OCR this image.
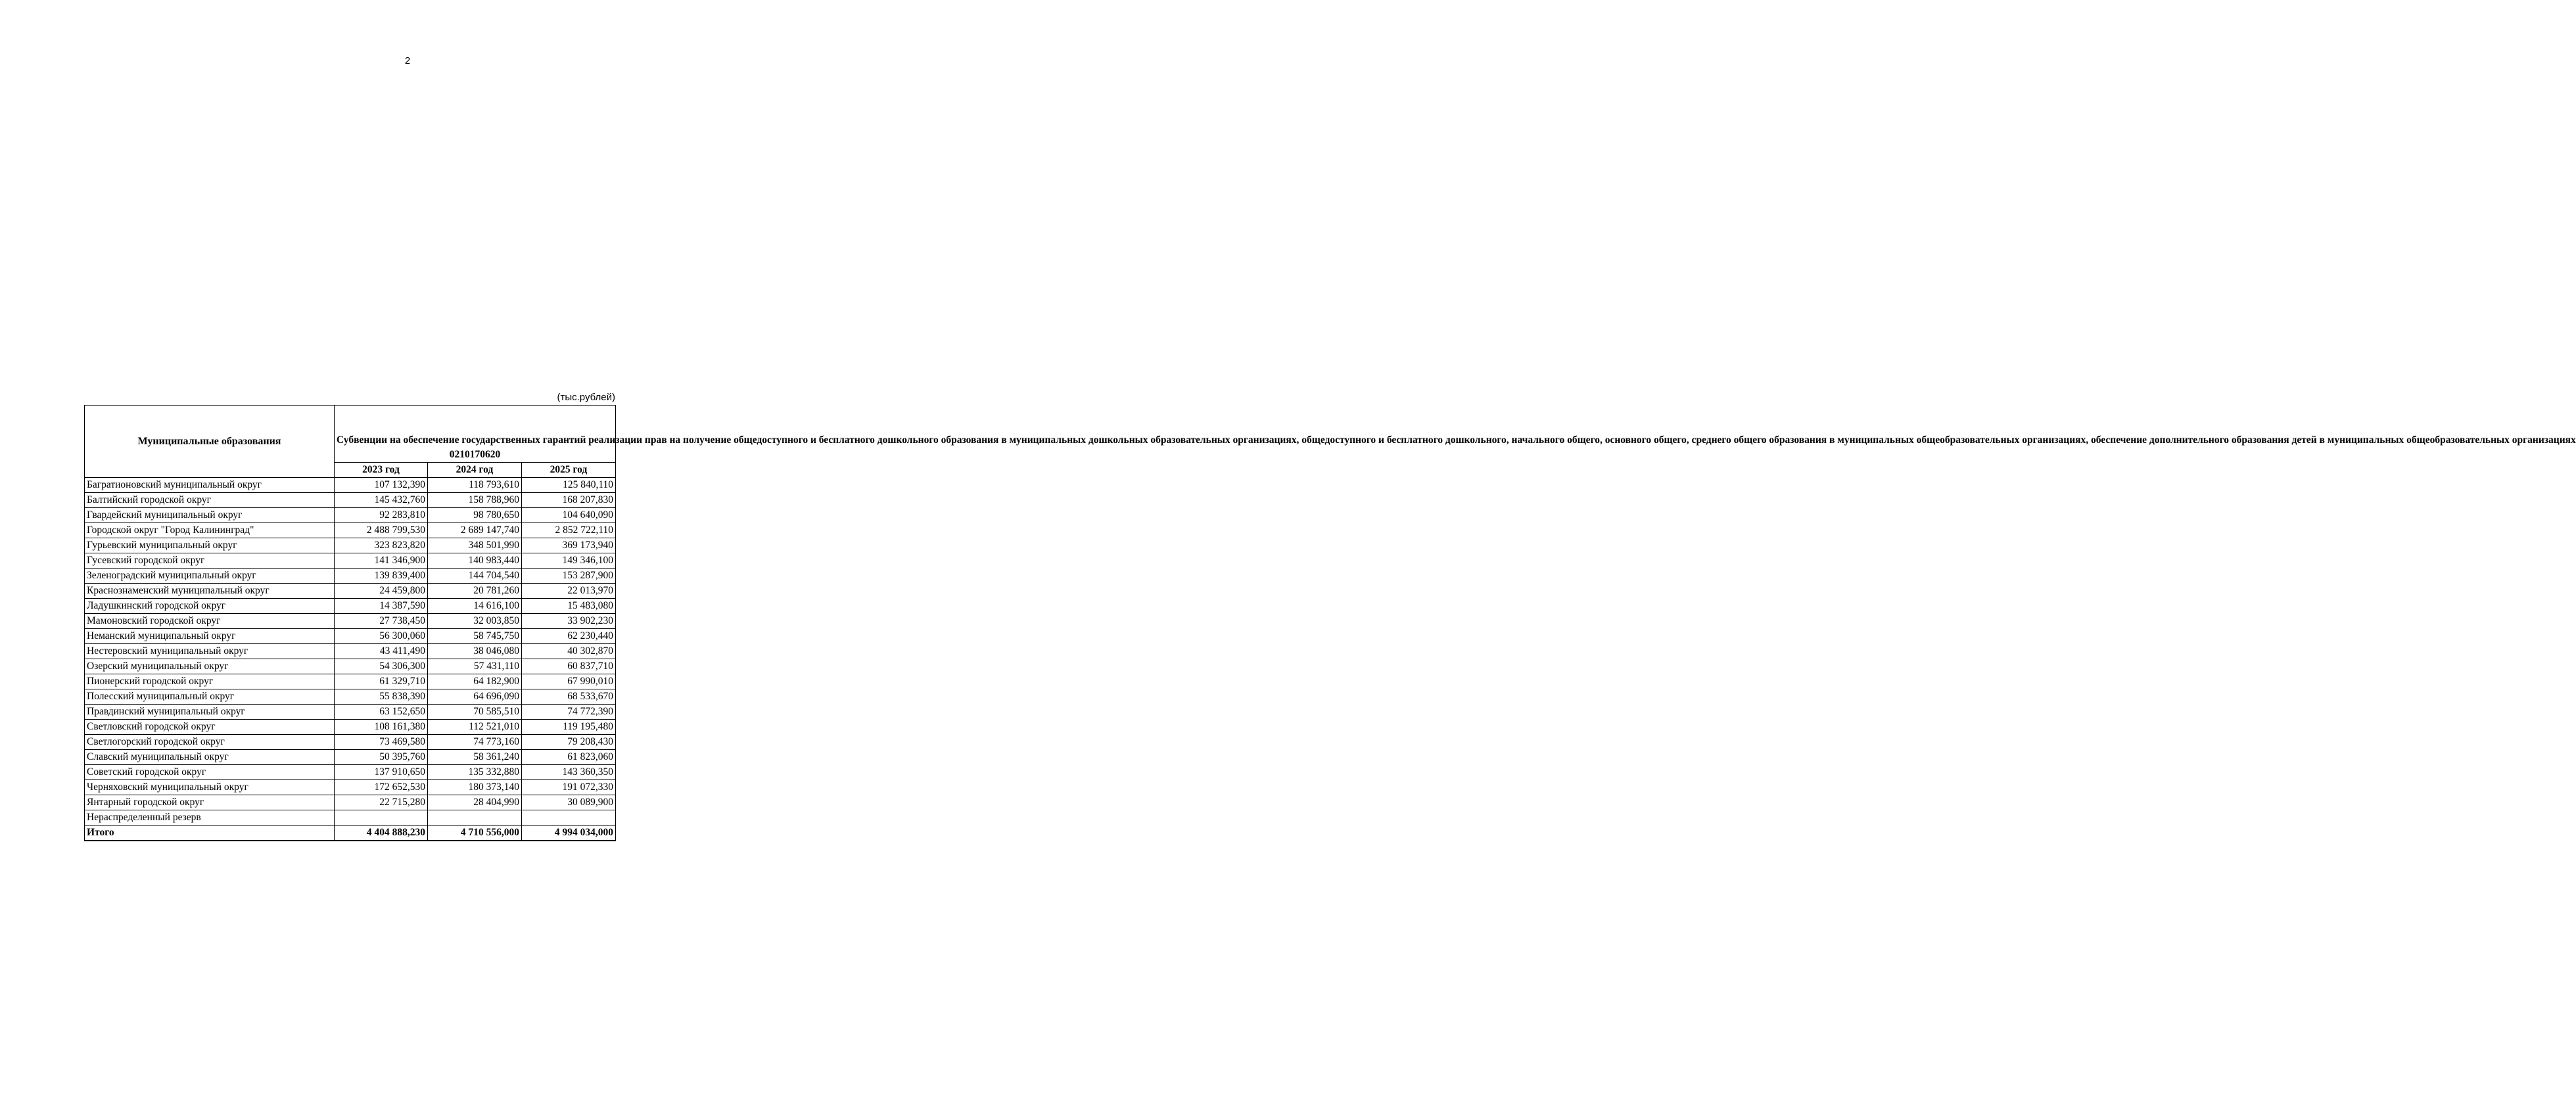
2
(тыс.рублей)
Муниципальные образования	Субвенции на обеспечение государственных гарантий реализации прав на получение общедоступного и бесплатного дошкольного образования в муниципальных дошкольных образовательных организациях, общедоступного и бесплатного дошкольного, начального общего, основного общего, среднего общего образования в муниципальных общеобразовательных организациях, обеспечение дополнительного образования детей в муниципальных общеобразовательных организациях
0210170620		

	2023 год	2024 год	2025 год
Багратионовский муниципальный округ	107 132,390	118 793,610	125 840,110
Балтийский городской округ	145 432,760	158 788,960	168 207,830
Гвардейский муниципальный округ	92 283,810	98 780,650	104 640,090
Городской округ "Город Калининград"	2 488 799,530	2 689 147,740	2 852 722,110
Гурьевский муниципальный округ	323 823,820	348 501,990	369 173,940
Гусевский городской округ	141 346,900	140 983,440	149 346,100
Зеленоградский муниципальный округ	139 839,400	144 704,540	153 287,900
Краснознаменский муниципальный округ	24 459,800	20 781,260	22 013,970
Ладушкинский городской округ	14 387,590	14 616,100	15 483,080
Мамоновский городской округ	27 738,450	32 003,850	33 902,230
Неманский муниципальный округ	56 300,060	58 745,750	62 230,440
Нестеровский муниципальный округ	43 411,490	38 046,080	40 302,870
Озерский муниципальный округ	54 306,300	57 431,110	60 837,710
Пионерский городской округ	61 329,710	64 182,900	67 990,010
Полесский муниципальный округ	55 838,390	64 696,090	68 533,670
Правдинский муниципальный округ	63 152,650	70 585,510	74 772,390
Светловский городской округ	108 161,380	112 521,010	119 195,480
Светлогорский городской округ	73 469,580	74 773,160	79 208,430
Славский муниципальный округ	50 395,760	58 361,240	61 823,060
Советский городской округ	137 910,650	135 332,880	143 360,350
Черняховский муниципальный округ	172 652,530	180 373,140	191 072,330
Янтарный городской округ	22 715,280	28 404,990	30 089,900
Нераспределенный резерв			
Итого	4 404 888,230	4 710 556,000	4 994 034,000
